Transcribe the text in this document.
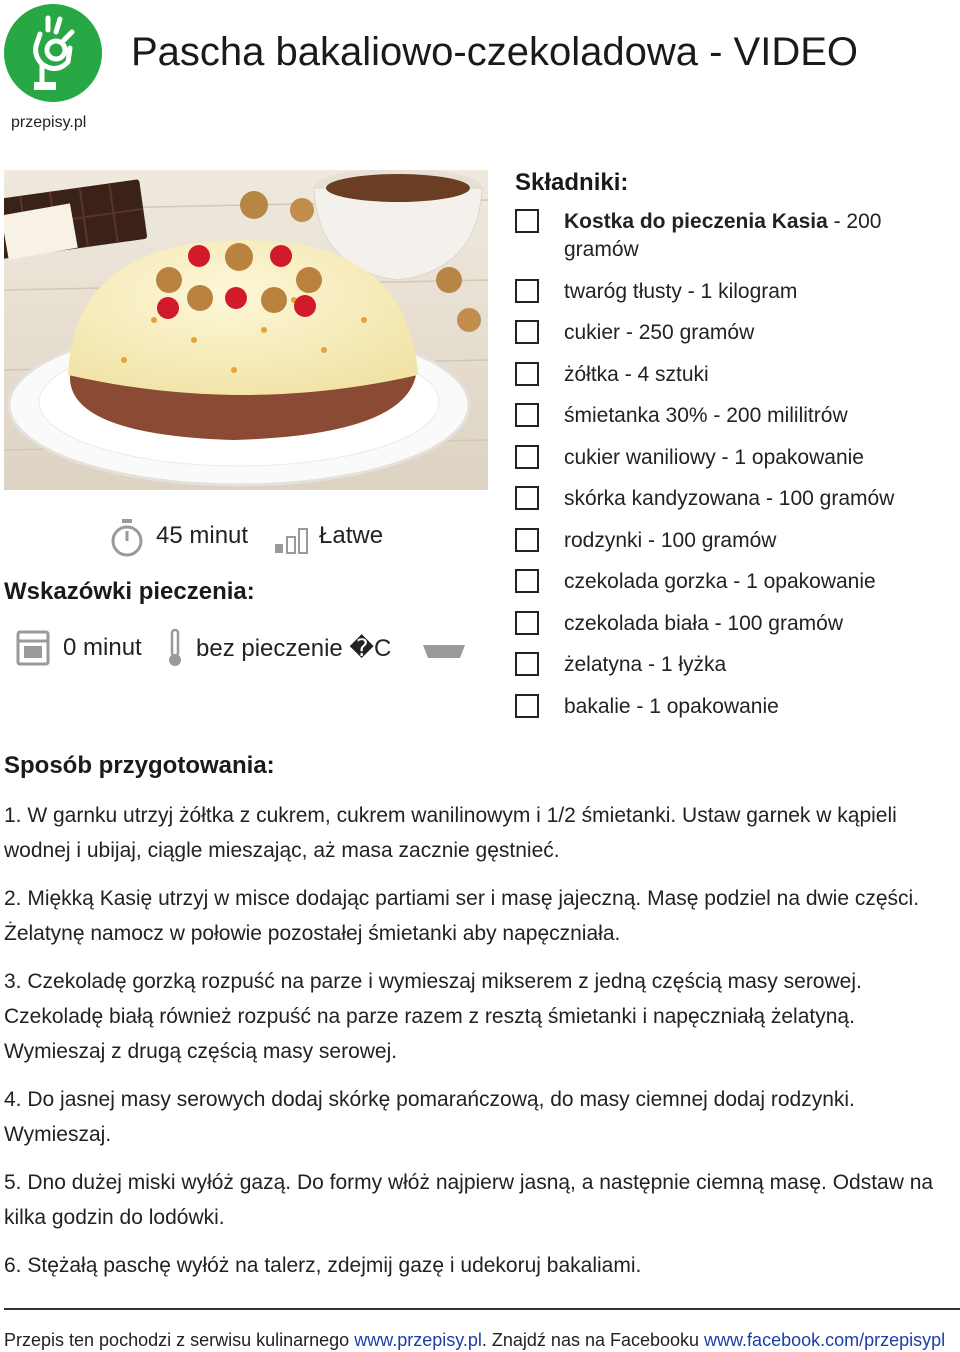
przepisy.pl
Pascha bakaliowo-czekoladowa - VIDEO
45 minut	Łatwe
Wskazówki pieczenia:
0 minut bez pieczenie �C
Składniki:
Kostka do pieczenia Kasia - 200 gramów
twaróg tłusty - 1 kilogram
cukier - 250 gramów
żółtka - 4 sztuki
śmietanka 30% - 200 mililitrów
cukier waniliowy - 1 opakowanie
skórka kandyzowana - 100 gramów
rodzynki - 100 gramów
czekolada gorzka - 1 opakowanie
czekolada biała - 100 gramów
żelatyna - 1 łyżka
bakalie - 1 opakowanie
Sposób przygotowania:

1. W garnku utrzyj żółtka z cukrem, cukrem wanilinowym i 1/2 śmietanki. Ustaw garnek w kąpieli wodnej i ubijaj, ciągle mieszając, aż masa zacznie gęstnieć.

2. Miękką Kasię utrzyj w misce dodając partiami ser i masę jajeczną. Masę podziel na dwie części. Żelatynę namocz w połowie pozostałej śmietanki aby napęczniała.

3. Czekoladę gorzką rozpuść na parze i wymieszaj mikserem z jedną częścią masy serowej. Czekoladę białą również rozpuść na parze razem z resztą śmietanki i napęczniałą żelatyną. Wymieszaj z drugą częścią masy serowej.

4. Do jasnej masy serowych dodaj skórkę pomarańczową, do masy ciemnej dodaj rodzynki. Wymieszaj.

5. Dno dużej miski wyłóż gazą. Do formy włóż najpierw jasną, a następnie ciemną masę. Odstaw na kilka godzin do lodówki.

6. Stężałą paschę wyłóż na talerz, zdejmij gazę i udekoruj bakaliami.

Przepis ten pochodzi z serwisu kulinarnego www.przepisy.pl. Znajdź nas na Facebooku www.facebook.com/przepisypl
